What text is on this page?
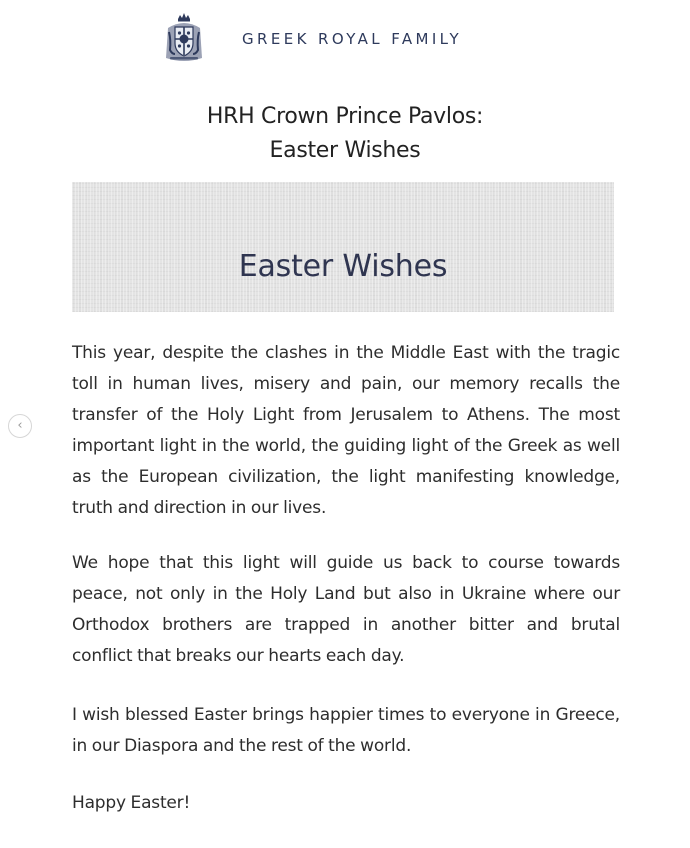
GREEK ROYAL FAMILY
HRH Crown Prince Pavlos:
Easter Wishes
Easter Wishes

This year, despite the clashes in the Middle East with the tragic toll in human lives, misery and pain, our memory recalls the transfer of the Holy Light from Jerusalem to Athens. The most important light in the world, the guiding light of the Greek as well as the European civilization, the light manifesting knowledge, truth and direction in our lives.

We hope that this light will guide us back to course towards peace, not only in the Holy Land but also in Ukraine where our Orthodox brothers are trapped in another bitter and brutal conflict that breaks our hearts each day.

I wish blessed Easter brings happier times to everyone in Greece, in our Diaspora and the rest of the world.

Happy Easter!

‹
